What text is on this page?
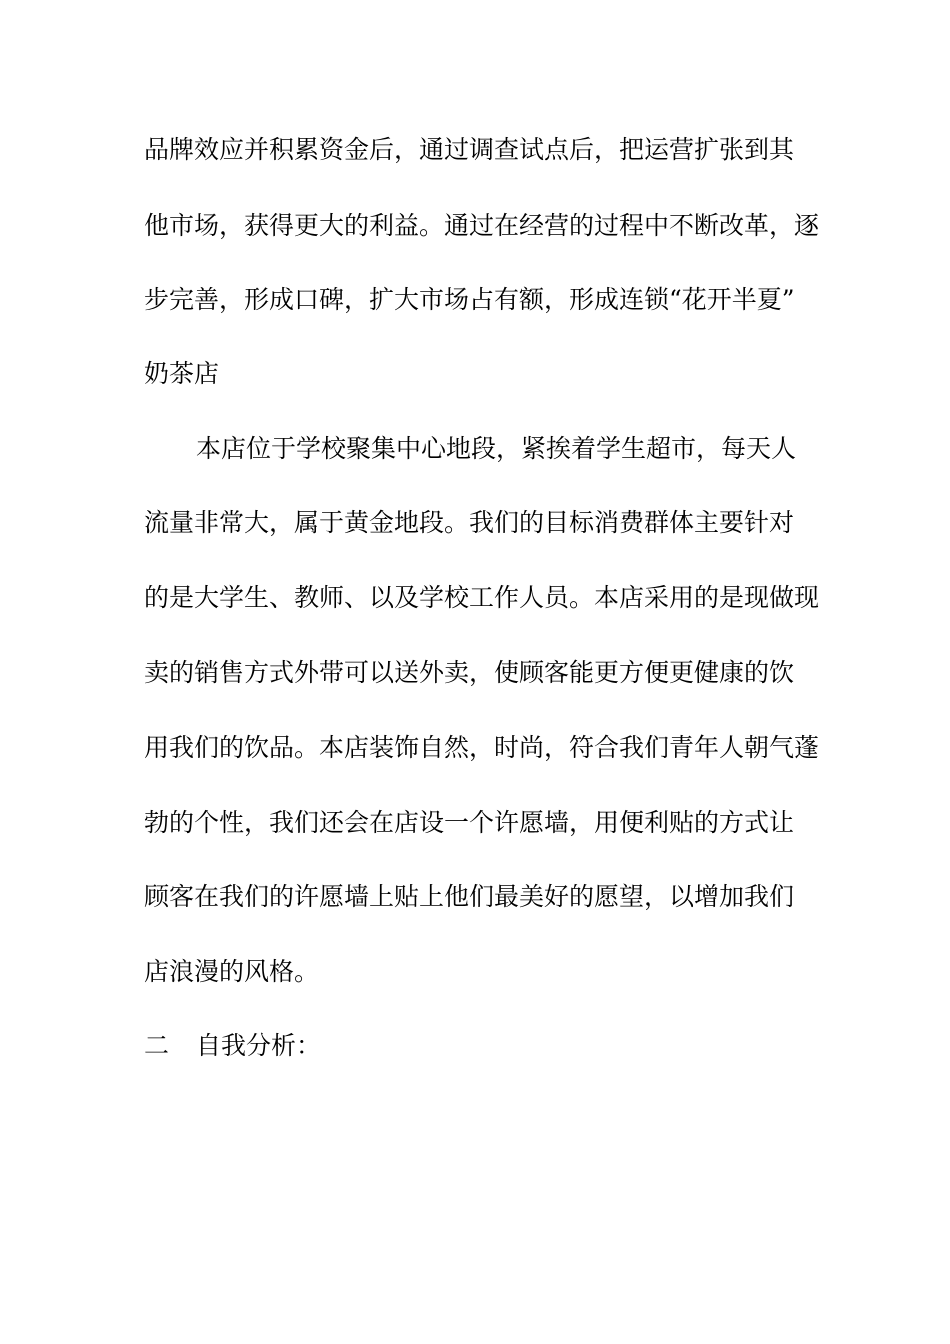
品牌效应并积累资金后，通过调查试点后，把运营扩张到其
他市场，获得更大的利益。通过在经营的过程中不断改革，逐
步完善，形成口碑，扩大市场占有额，形成连锁“花开半夏”
奶茶店
本店位于学校聚集中心地段，紧挨着学生超市，每天人
流量非常大，属于黄金地段。我们的目标消费群体主要针对
的是大学生、教师、以及学校工作人员。本店采用的是现做现
卖的销售方式外带可以送外卖，使顾客能更方便更健康的饮
用我们的饮品。本店装饰自然，时尚，符合我们青年人朝气蓬
勃的个性，我们还会在店设一个许愿墙，用便利贴的方式让
顾客在我们的许愿墙上贴上他们最美好的愿望，以增加我们
店浪漫的风格。
二 自我分析：
